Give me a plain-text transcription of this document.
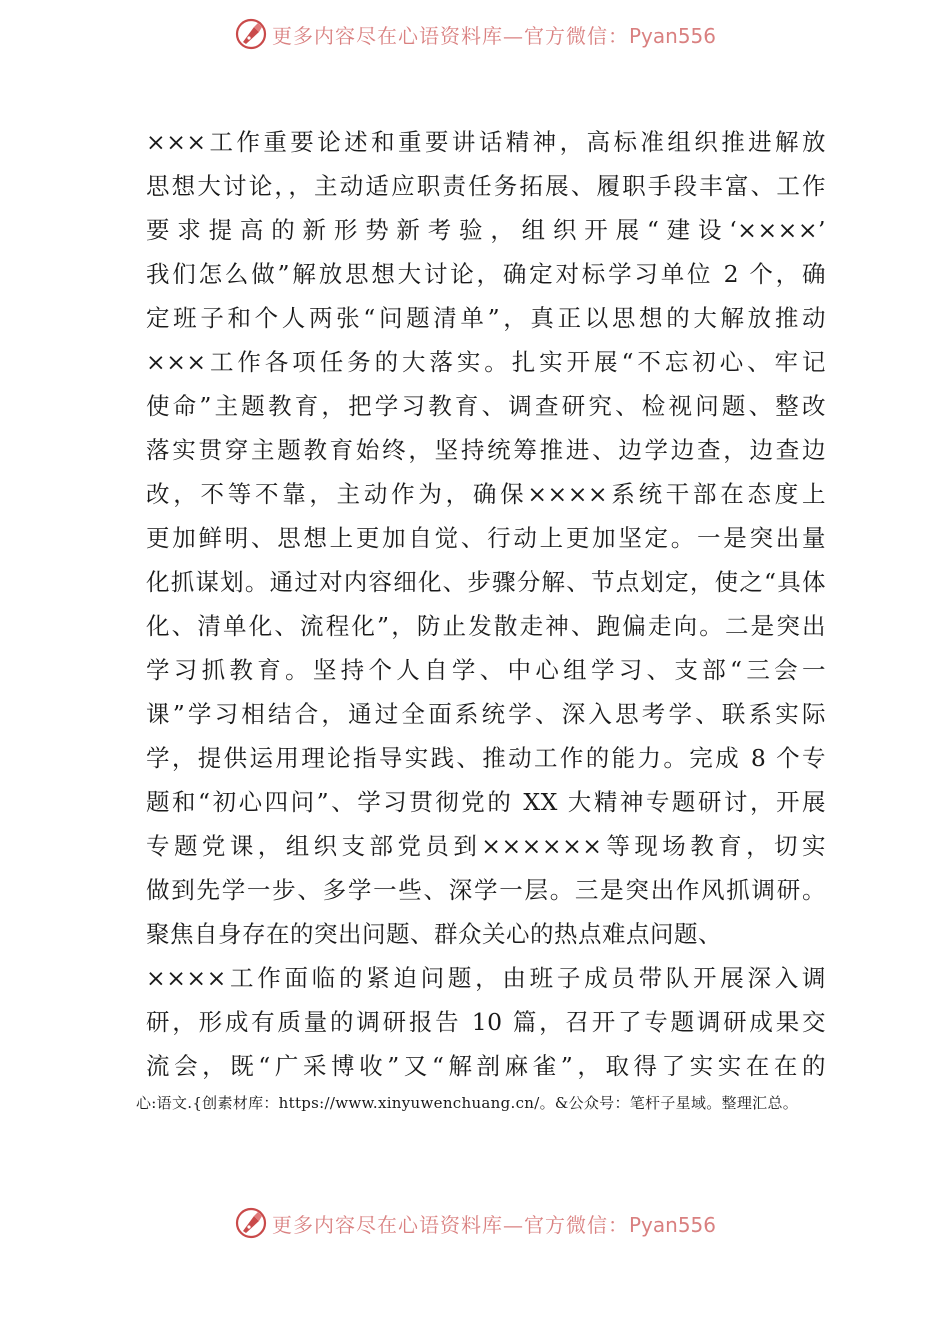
更多内容尽在心语资料库—官方微信：Pyan556
×××工作重要论述和重要讲话精神，高标准组织推进解放
思想大讨论，，主动适应职责任务拓展、履职手段丰富、工作
要求提高的新形势新考验，组织开展“建设‘××××’
我们怎么做”解放思想大讨论，确定对标学习单位 2 个，确
定班子和个人两张“问题清单”，真正以思想的大解放推动
×××工作各项任务的大落实。扎实开展“不忘初心、牢记
使命”主题教育，把学习教育、调查研究、检视问题、整改
落实贯穿主题教育始终，坚持统筹推进、边学边查，边查边
改，不等不靠，主动作为，确保××××系统干部在态度上
更加鲜明、思想上更加自觉、行动上更加坚定。一是突出量
化抓谋划。通过对内容细化、步骤分解、节点划定，使之“具体
化、清单化、流程化”，防止发散走神、跑偏走向。二是突出
学习抓教育。坚持个人自学、中心组学习、支部“三会一
课”学习相结合，通过全面系统学、深入思考学、联系实际
学，提供运用理论指导实践、推动工作的能力。完成 8 个专
题和“初心四问”、学习贯彻党的 XX 大精神专题研讨，开展
专题党课，组织支部党员到××××××等现场教育，切实
做到先学一步、多学一些、深学一层。三是突出作风抓调研。
聚焦自身存在的突出问题、群众关心的热点难点问题、
××××工作面临的紧迫问题，由班子成员带队开展深入调
研，形成有质量的调研报告 10 篇，召开了专题调研成果交
流会，既“广采博收”又“解剖麻雀”，取得了实实在在的
心:语文.{创素材库：https://www.xinyuwenchuang.cn/。&公众号：笔杆子星域。整理汇总。
更多内容尽在心语资料库—官方微信：Pyan556
